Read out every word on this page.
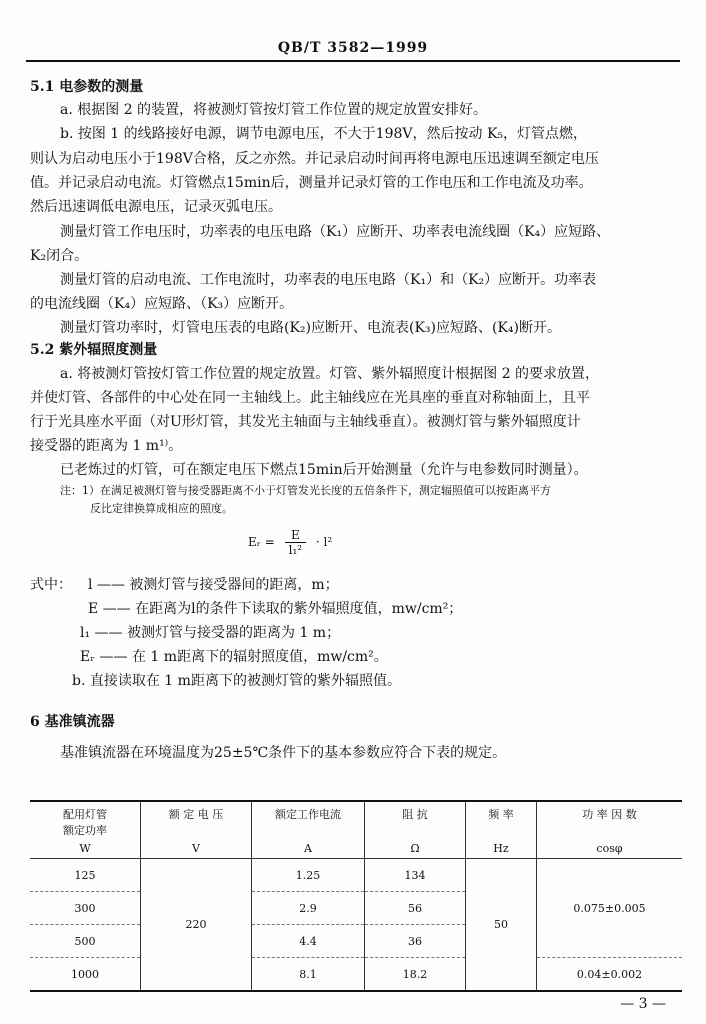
QB/T 3582—1999
5.1 电参数的测量
a. 根据图 2 的装置，将被测灯管按灯管工作位置的规定放置安排好。
b. 按图 1 的线路接好电源，调节电源电压，不大于198V，然后按动 K₅，灯管点燃，
则认为启动电压小于198V合格，反之亦然。并记录启动时间再将电源电压迅速调至额定电压
值。并记录启动电流。灯管燃点15min后，测量并记录灯管的工作电压和工作电流及功率。
然后迅速调低电源电压，记录灭弧电压。
测量灯管工作电压时，功率表的电压电路（K₁）应断开、功率表电流线圈（K₄）应短路、
K₂闭合。
测量灯管的启动电流、工作电流时，功率表的电压电路（K₁）和（K₂）应断开。功率表
的电流线圈（K₄）应短路、（K₃）应断开。
测量灯管功率时，灯管电压表的电路(K₂)应断开、电流表(K₃)应短路、(K₄)断开。
5.2 紫外辐照度测量
a. 将被测灯管按灯管工作位置的规定放置。灯管、紫外辐照度计根据图 2 的要求放置，
并使灯管、各部件的中心处在同一主轴线上。此主轴线应在光具座的垂直对称轴面上，且平
行于光具座水平面（对U形灯管，其发光主轴面与主轴线垂直）。被测灯管与紫外辐照度计
接受器的距离为 1 m¹⁾。
已老炼过的灯管，可在额定电压下燃点15min后开始测量（允许与电参数同时测量）。
注：1）在满足被测灯管与接受器距离不小于灯管发光长度的五倍条件下，测定辐照值可以按距离平方
反比定律换算成相应的照度。
Eᵣ = $\frac{E}{\text{l₁²}} \cdot l^2$
式中： l —— 被测灯管与接受器间的距离，m；
E —— 在距离为l的条件下读取的紫外辐照度值，mw/cm²；
l₁ —— 被测灯管与接受器的距离为 1 m；
Eᵣ —— 在 1 m距离下的辐射照度值，mw/cm²。
b. 直接读取在 1 m距离下的被测灯管的紫外辐照值。
6 基准镇流器
基准镇流器在环境温度为25±5℃条件下的基本参数应符合下表的规定。
配用灯管
额定功率	额 定 电 压	额定工作电流	阻 抗	频 率	功 率 因 数
W	V	A	Ω	Hz	cosφ
125	220	1.25	134	50	0.075±0.005
300		2.9	56		
500		4.4	36		
1000		8.1	18.2		0.04±0.002
— 3 —
